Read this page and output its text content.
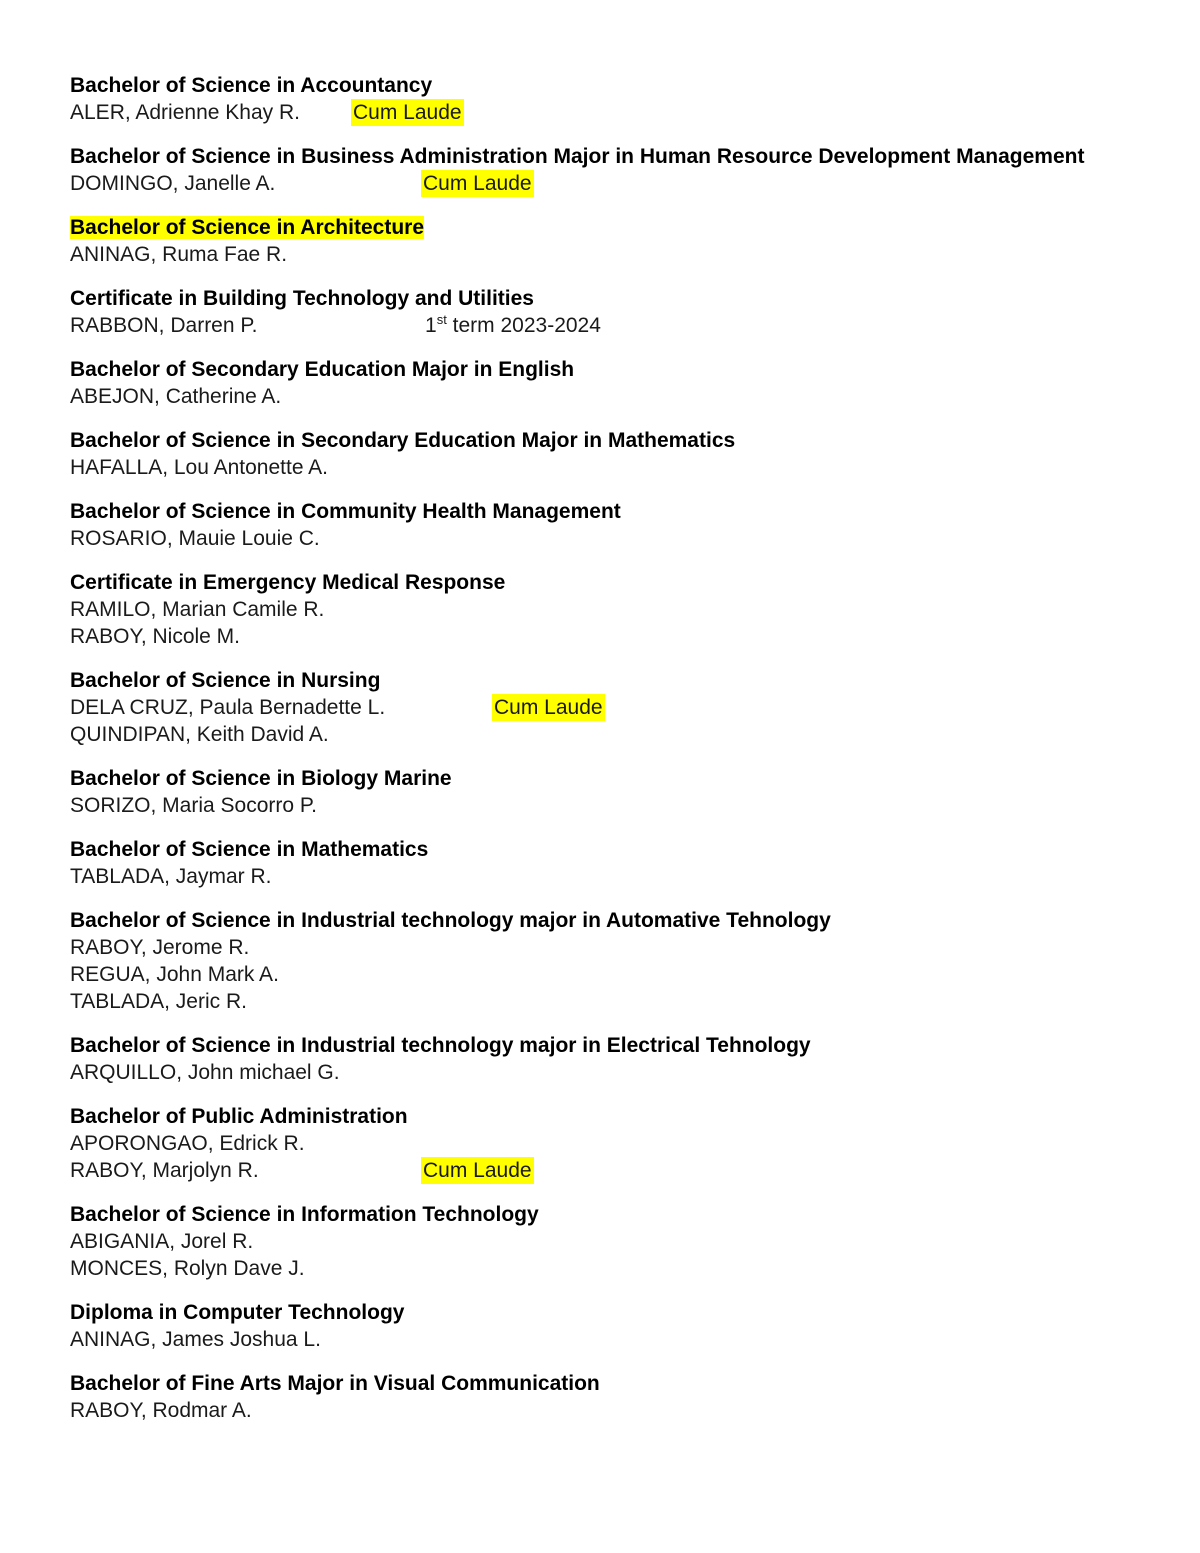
Bachelor of Science in Accountancy
ALER, Adrienne Khay R.	Cum Laude
Bachelor of Science in Business Administration Major in Human Resource Development Management
DOMINGO, Janelle A.	Cum Laude
Bachelor of Science in Architecture
ANINAG, Ruma Fae R.
Certificate in Building Technology and Utilities
RABBON, Darren P.	1st term 2023-2024
Bachelor of Secondary Education Major in English
ABEJON, Catherine A.
Bachelor of Science in Secondary Education Major in Mathematics
HAFALLA, Lou Antonette A.
Bachelor of Science in Community Health Management
ROSARIO, Mauie Louie C.
Certificate in Emergency Medical Response
RAMILO, Marian Camile R.
RABOY, Nicole M.
Bachelor of Science in Nursing
DELA CRUZ, Paula Bernadette L.	Cum Laude
QUINDIPAN, Keith David A.
Bachelor of Science in Biology Marine
SORIZO, Maria Socorro P.
Bachelor of Science in Mathematics
TABLADA, Jaymar R.
Bachelor of Science in Industrial technology major in Automative Tehnology
RABOY, Jerome R.
REGUA, John Mark A.
TABLADA, Jeric R.
Bachelor of Science in Industrial technology major in Electrical Tehnology
ARQUILLO, John michael G.
Bachelor of Public Administration
APORONGAO, Edrick R.
RABOY, Marjolyn R.	Cum Laude
Bachelor of Science in Information Technology
ABIGANIA, Jorel R.
MONCES, Rolyn Dave J.
Diploma in Computer Technology
ANINAG, James Joshua L.
Bachelor of Fine Arts Major in Visual Communication
RABOY, Rodmar A.
